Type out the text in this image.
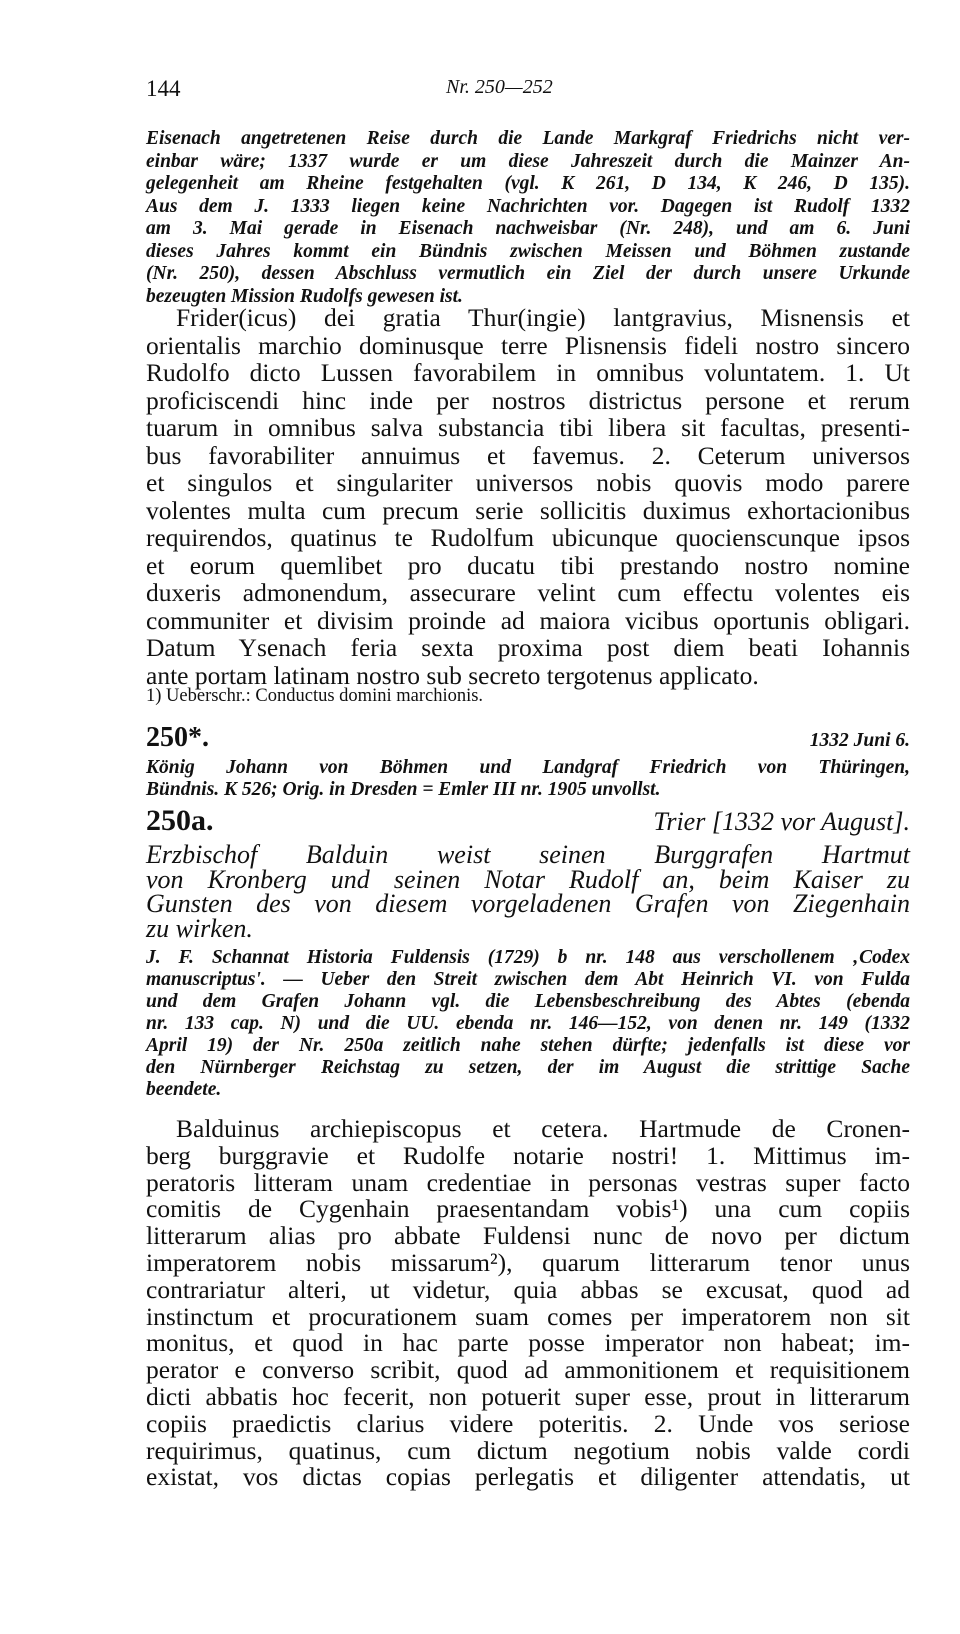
144	Nr. 250—252
Eisenach angetretenen Reise durch die Lande Markgraf Friedrichs nicht ver-
einbar wäre; 1337 wurde er um diese Jahreszeit durch die Mainzer An-
gelegenheit am Rheine festgehalten (vgl. K 261, D 134, K 246, D 135).
Aus dem J. 1333 liegen keine Nachrichten vor. Dagegen ist Rudolf 1332
am 3. Mai gerade in Eisenach nachweisbar (Nr. 248), und am 6. Juni
dieses Jahres kommt ein Bündnis zwischen Meissen und Böhmen zustande
(Nr. 250), dessen Abschluss vermutlich ein Ziel der durch unsere Urkunde
bezeugten Mission Rudolfs gewesen ist.
Frider(icus) dei gratia Thur(ingie) lantgravius, Misnensis et
orientalis marchio dominusque terre Plisnensis fideli nostro sincero
Rudolfo dicto Lussen favorabilem in omnibus voluntatem. 1. Ut
proficiscendi hinc inde per nostros districtus persone et rerum
tuarum in omnibus salva substancia tibi libera sit facultas, presenti-
bus favorabiliter annuimus et favemus. 2. Ceterum universos
et singulos et singulariter universos nobis quovis modo parere
volentes multa cum precum serie sollicitis duximus exhortacionibus
requirendos, quatinus te Rudolfum ubicunque quocienscunque ipsos
et eorum quemlibet pro ducatu tibi prestando nostro nomine
duxeris admonendum, assecurare velint cum effectu volentes eis
communiter et divisim proinde ad maiora vicibus oportunis obligari.
Datum Ysenach feria sexta proxima post diem beati Iohannis
ante portam latinam nostro sub secreto tergotenus applicato.
1) Ueberschr.: Conductus domini marchionis.
250*.	1332 Juni 6.
König Johann von Böhmen und Landgraf Friedrich von Thüringen,
Bündnis. K 526; Orig. in Dresden = Emler III nr. 1905 unvollst.
250a.	Trier [1332 vor August].
Erzbischof Balduin weist seinen Burggrafen Hartmut
von Kronberg und seinen Notar Rudolf an, beim Kaiser zu
Gunsten des von diesem vorgeladenen Grafen von Ziegenhain
zu wirken.
J. F. Schannat Historia Fuldensis (1729) b nr. 148 aus verschollenem ‚Codex
manuscriptus'. — Ueber den Streit zwischen dem Abt Heinrich VI. von Fulda
und dem Grafen Johann vgl. die Lebensbeschreibung des Abtes (ebenda
nr. 133 cap. N) und die UU. ebenda nr. 146—152, von denen nr. 149 (1332
April 19) der Nr. 250a zeitlich nahe stehen dürfte; jedenfalls ist diese vor
den Nürnberger Reichstag zu setzen, der im August die strittige Sache
beendete.
Balduinus archiepiscopus et cetera. Hartmude de Cronen-
berg burggravie et Rudolfe notarie nostri! 1. Mittimus im-
peratoris litteram unam credentiae in personas vestras super facto
comitis de Cygenhain praesentandam vobis¹) una cum copiis
litterarum alias pro abbate Fuldensi nunc de novo per dictum
imperatorem nobis missarum²), quarum litterarum tenor unus
contrariatur alteri, ut videtur, quia abbas se excusat, quod ad
instinctum et procurationem suam comes per imperatorem non sit
monitus, et quod in hac parte posse imperator non habeat; im-
perator e converso scribit, quod ad ammonitionem et requisitionem
dicti abbatis hoc fecerit, non potuerit super esse, prout in litterarum
copiis praedictis clarius videre poteritis. 2. Unde vos seriose
requirimus, quatinus, cum dictum negotium nobis valde cordi
existat, vos dictas copias perlegatis et diligenter attendatis, ut
